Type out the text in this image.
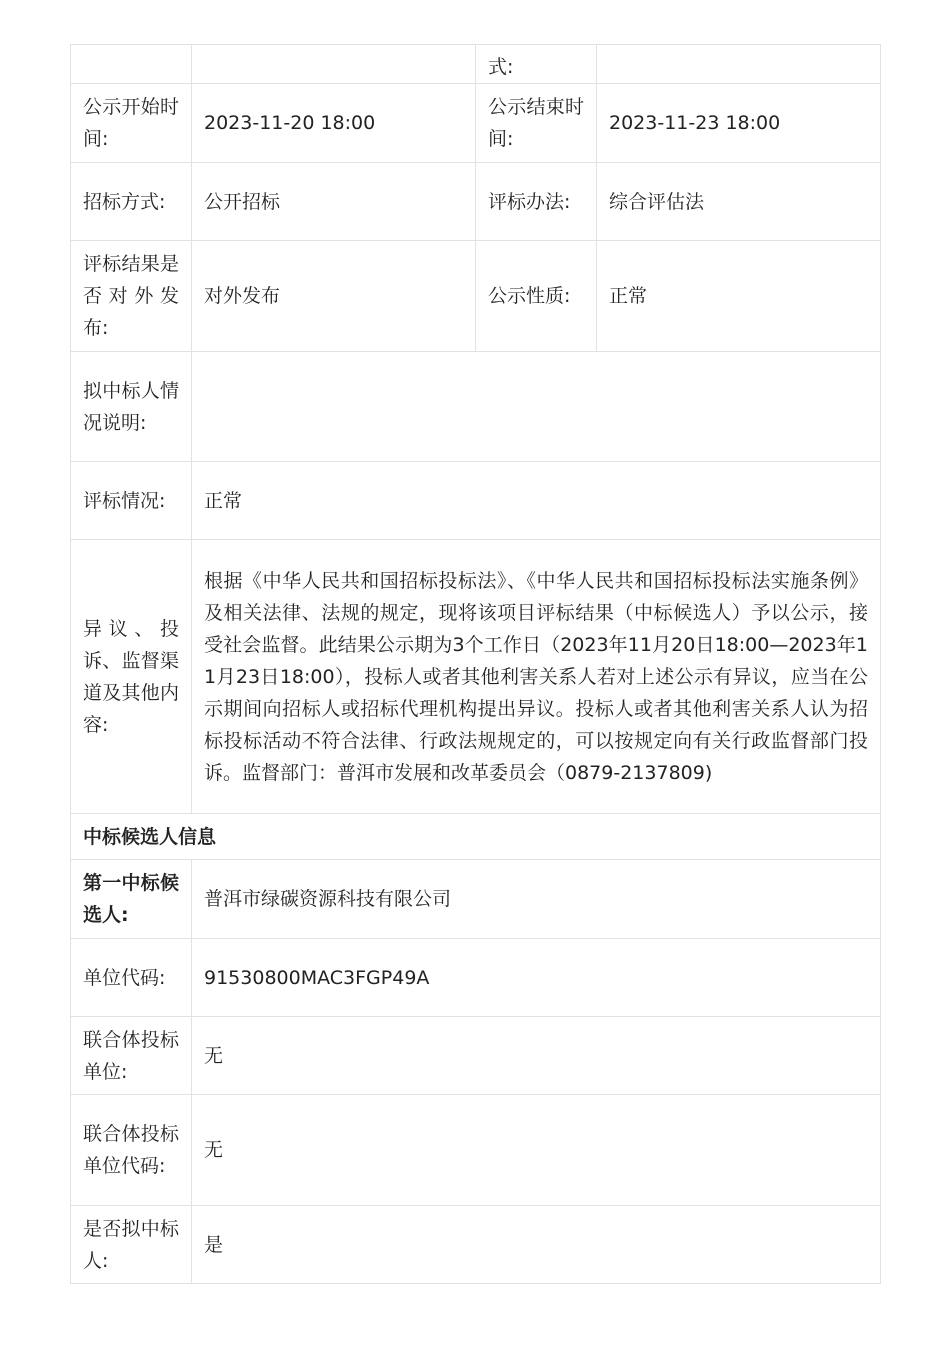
		式:	
公示开始时间:	2023-11-20 18:00	公示结束时间:	2023-11-23 18:00
招标方式:	公开招标	评标办法:	综合评估法
评标结果是否对外发布:	对外发布	公示性质:	正常
拟中标人情况说明:			
评标情况:	正常		
异议、投诉、监督渠道及其他内容:	根据《中华人民共和国招标投标法》、《中华人民共和国招标投标法实施条例》及相关法律、法规的规定，现将该项目评标结果（中标候选人）予以公示，接受社会监督。此结果公示期为3个工作日（2023年11月20日18:00—2023年11月23日18:00），投标人或者其他利害关系人若对上述公示有异议，应当在公示期间向招标人或招标代理机构提出异议。投标人或者其他利害关系人认为招标投标活动不符合法律、行政法规规定的，可以按规定向有关行政监督部门投诉。监督部门：普洱市发展和改革委员会（0879-2137809)		
中标候选人信息			
第一中标候选人:	普洱市绿碳资源科技有限公司		
单位代码:	91530800MAC3FGP49A		
联合体投标单位:	无		
联合体投标单位代码:	无		
是否拟中标人:	是		
